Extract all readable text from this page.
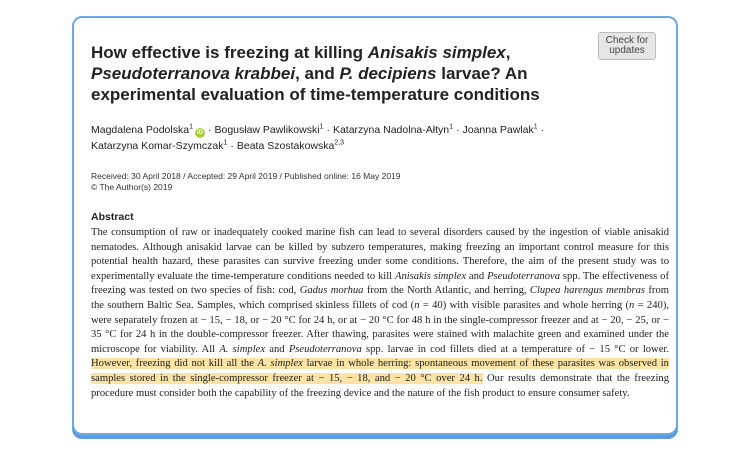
Check for
updates
How effective is freezing at killing Anisakis simplex, Pseudoterranova krabbei, and P. decipiens larvae? An experimental evaluation of time-temperature conditions
Magdalena Podolska$^1$iD · Bogusław Pawlikowski$^1$ · Katarzyna Nadolna-Ałtyn$^1$ · Joanna Pawlak$^1$ ·
Katarzyna Komar-Szymczak$^1$ · Beata Szostakowska$^{2,3}$
Received: 30 April 2018 / Accepted: 29 April 2019 / Published online: 16 May 2019
© The Author(s) 2019
Abstract

The consumption of raw or inadequately cooked marine fish can lead to several disorders caused by the ingestion of viable anisakid nematodes. Although anisakid larvae can be killed by subzero temperatures, making freezing an important control measure for this potential health hazard, these parasites can survive freezing under some conditions. Therefore, the aim of the present study was to experimentally evaluate the time-temperature conditions needed to kill Anisakis simplex and Pseudoterranova spp. The effectiveness of freezing was tested on two species of fish: cod, Gadus morhua from the North Atlantic, and herring, Clupea harengus membras from the southern Baltic Sea. Samples, which comprised skinless fillets of cod (n = 40) with visible parasites and whole herring (n = 240), were separately frozen at − 15, − 18, or − 20 °C for 24 h, or at − 20 °C for 48 h in the single-compressor freezer and at − 20, − 25, or − 35 °C for 24 h in the double-compressor freezer. After thawing, parasites were stained with malachite green and examined under the microscope for viability. All A. simplex and Pseudoterranova spp. larvae in cod fillets died at a temperature of − 15 °C or lower. However, freezing did not kill all the A. simplex larvae in whole herring: spontaneous movement of these parasites was observed in samples stored in the single-compressor freezer at − 15, − 18, and − 20 °C over 24 h. Our results demonstrate that the freezing procedure must consider both the capability of the freezing device and the nature of the fish product to ensure consumer safety.
